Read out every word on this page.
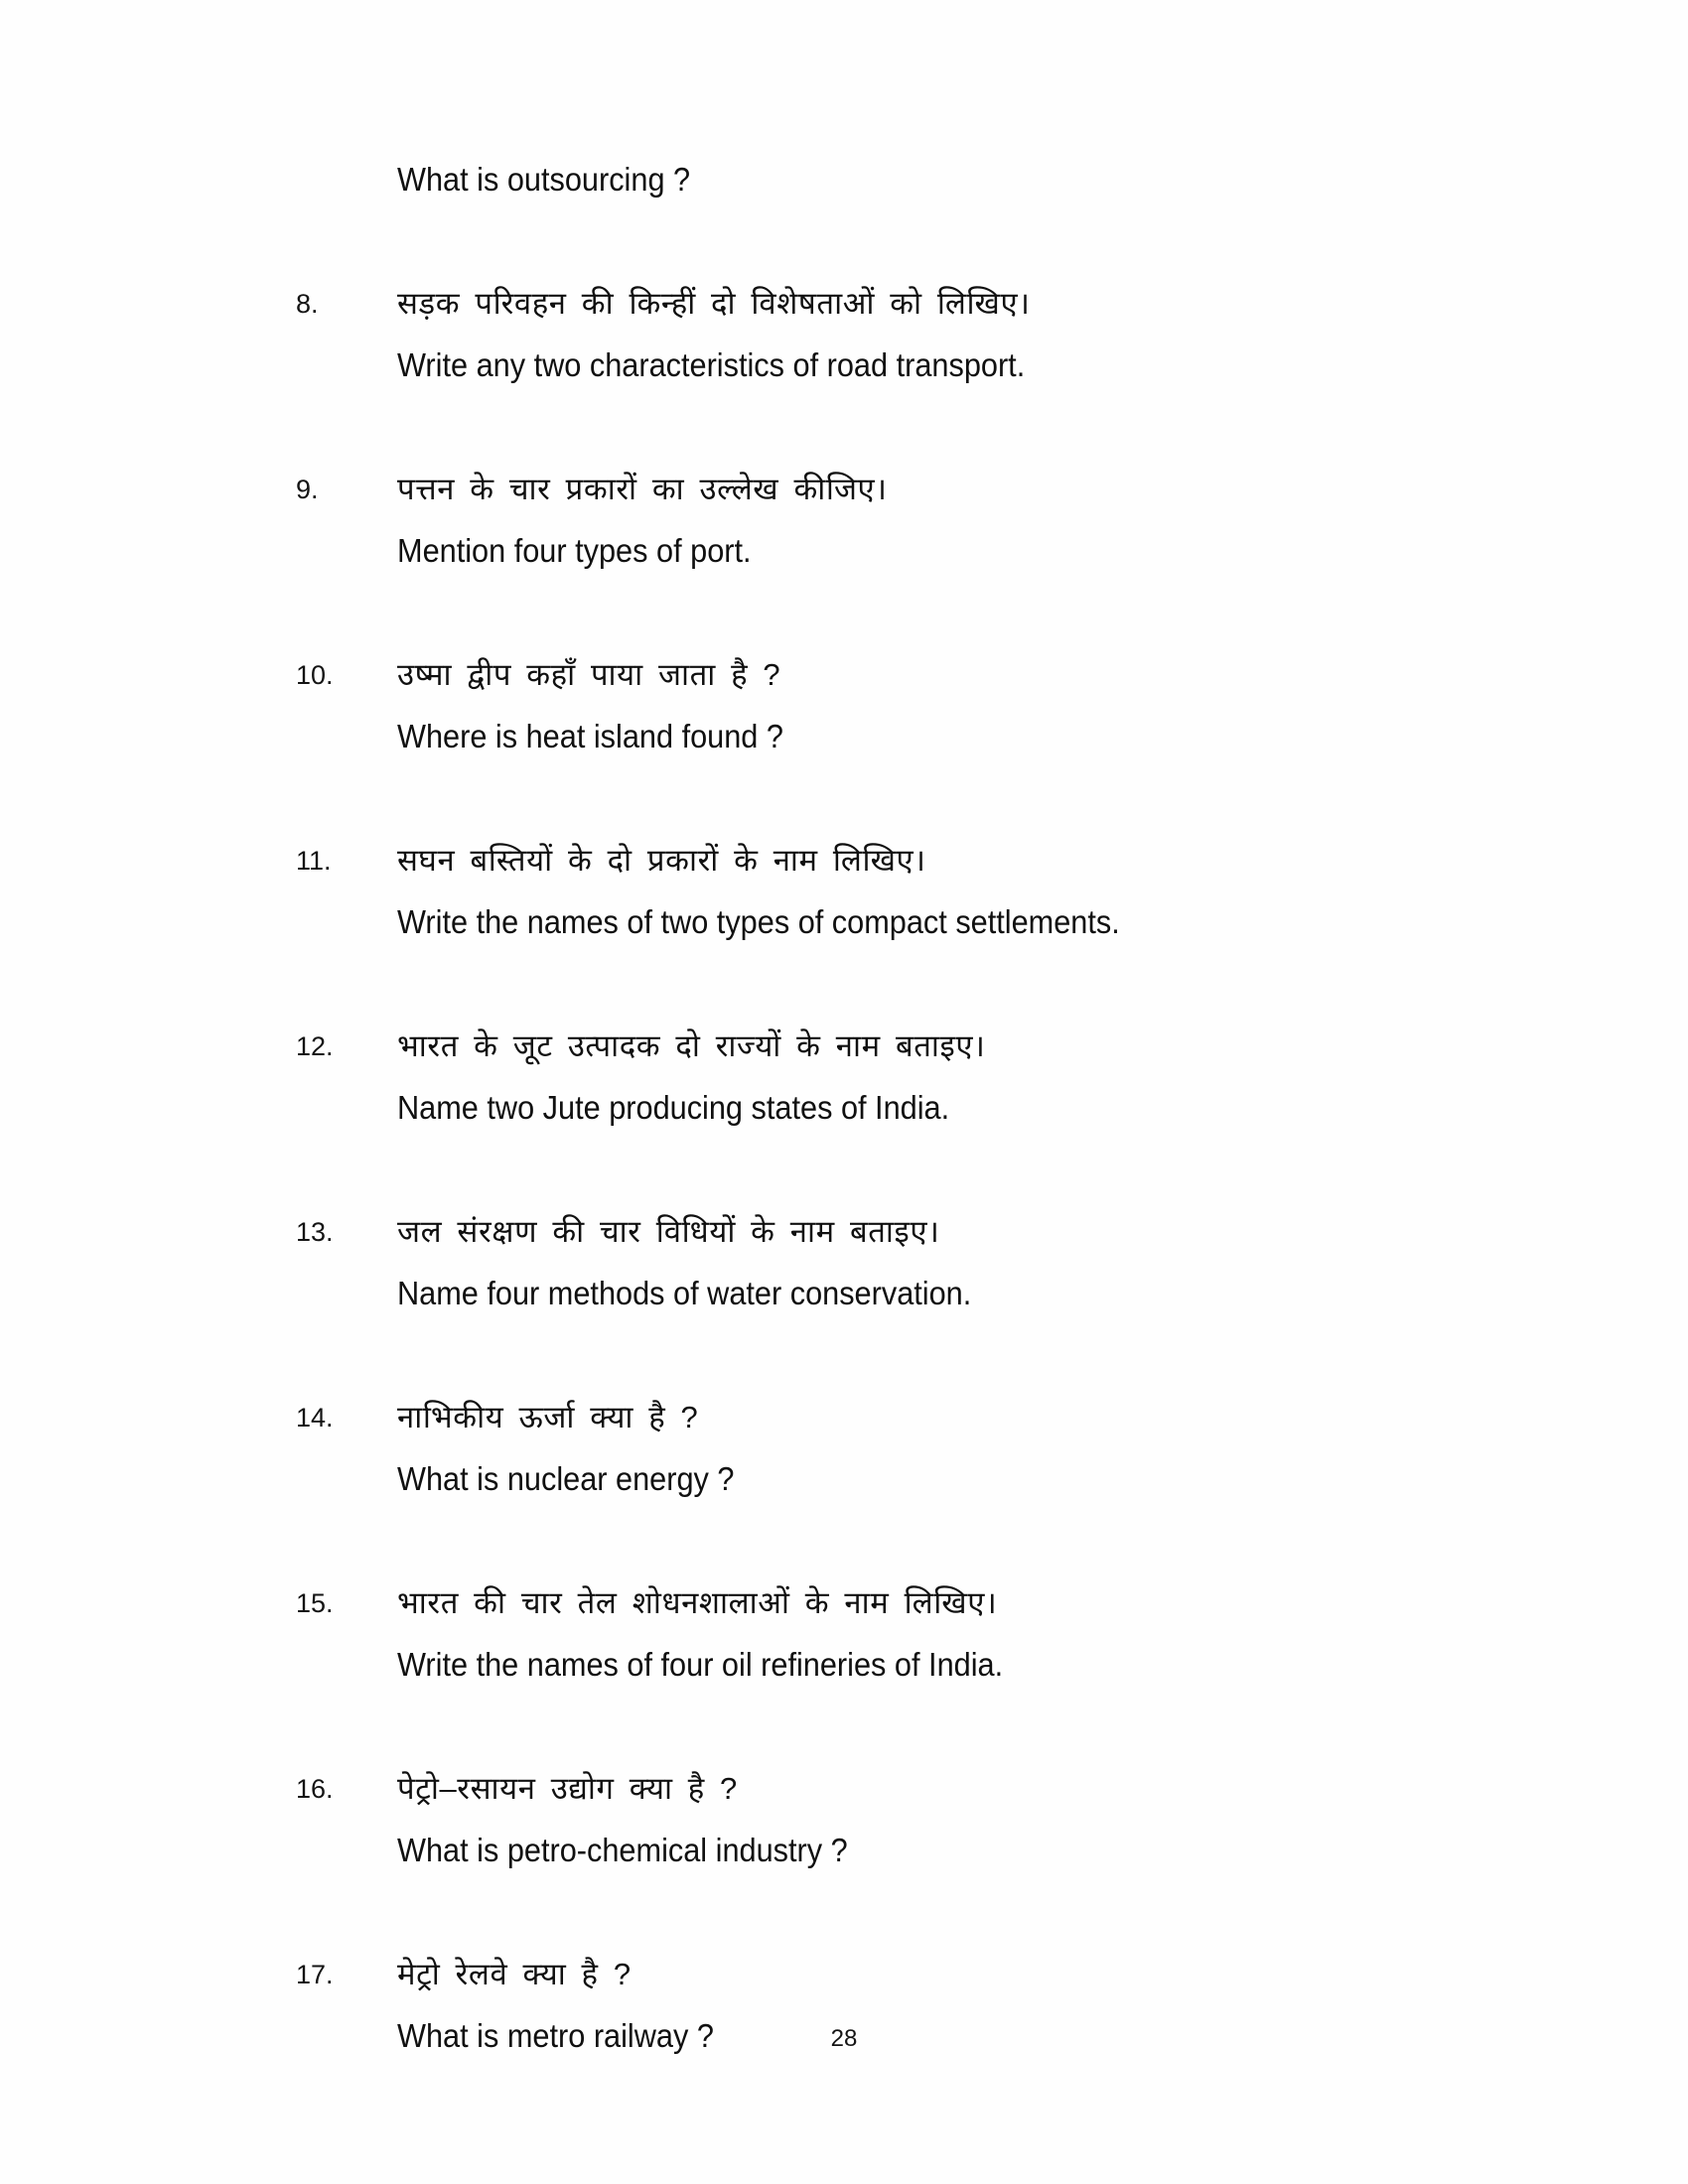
What is outsourcing ?
8.	सड़क परिवहन की किन्हीं दो विशेषताओं को लिखिए।
Write any two characteristics of road transport.
9.	पत्तन के चार प्रकारों का उल्लेख कीजिए।
Mention four types of port.
10.	उष्मा द्वीप कहाँ पाया जाता है ?
Where is heat island found ?
11.	सघन बस्तियों के दो प्रकारों के नाम लिखिए।
Write the names of two types of compact settlements.
12.	भारत के जूट उत्पादक दो राज्यों के नाम बताइए।
Name two Jute producing states of India.
13.	जल संरक्षण की चार विधियों के नाम बताइए।
Name four methods of water conservation.
14.	नाभिकीय ऊर्जा क्या है ?
What is nuclear energy ?
15.	भारत की चार तेल शोधनशालाओं के नाम लिखिए।
Write the names of four oil refineries of India.
16.	पेट्रो–रसायन उद्योग क्या है ?
What is petro-chemical industry ?
17.	मेट्रो रेलवे क्या है ?
What is metro railway ?	28
